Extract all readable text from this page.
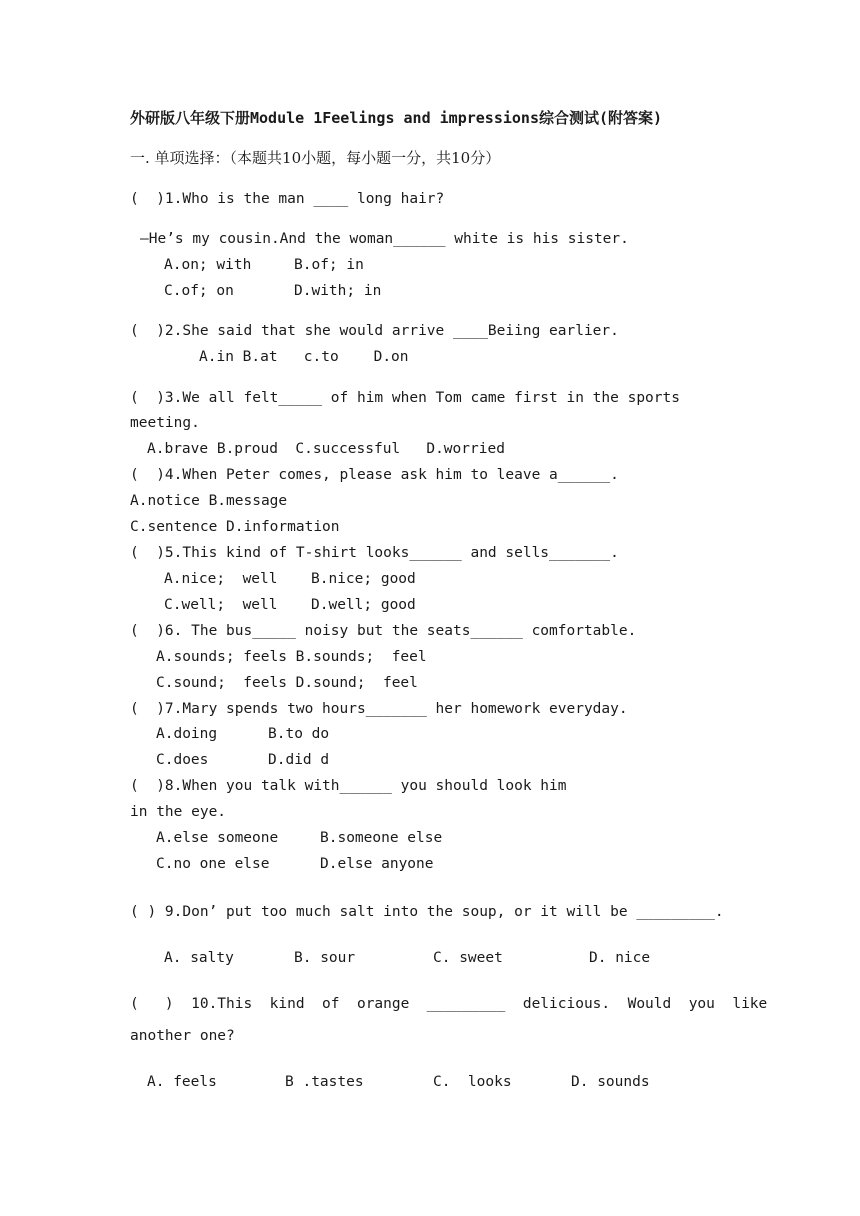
外研版八年级下册Module 1Feelings and impressions综合测试(附答案)
一. 单项选择：（本题共10小题，每小题一分，共10分）
(  )1.Who is the man ____ long hair?
—He’s my cousin.And the woman______ white is his sister.
A.on; with	B.of; in
C.of; on	D.with; in
(  )2.She said that she would arrive ____Beiing earlier.
A.in B.at   c.to    D.on
(  )3.We all felt_____ of him when Tom came first in the sports
meeting.
A.brave B.proud  C.successful   D.worried
(  )4.When Peter comes, please ask him to leave a______.
A.notice B.message
C.sentence D.information
(  )5.This kind of T-shirt looks______ and sells_______.
A.nice;  well B.nice; good
C.well;  well D.well; good
(  )6. The bus_____ noisy but the seats______ comfortable.
A.sounds; feels B.sounds;  feel
C.sound;  feels D.sound;  feel
(  )7.Mary spends two hours_______ her homework everyday.
A.doing	B.to do
C.does	D.did d
(  )8.When you talk with______ you should look him
in the eye.
A.else someone	B.someone else
C.no one else	D.else anyone
( ) 9.Don’ put too much salt into the soup, or it will be _________.
A. salty	B. sour	C. sweet	D. nice
(   )  10.This  kind  of  orange  _________  delicious.  Would  you  like
another one?
A. feels	B .tastes	C.  looks	D. sounds
